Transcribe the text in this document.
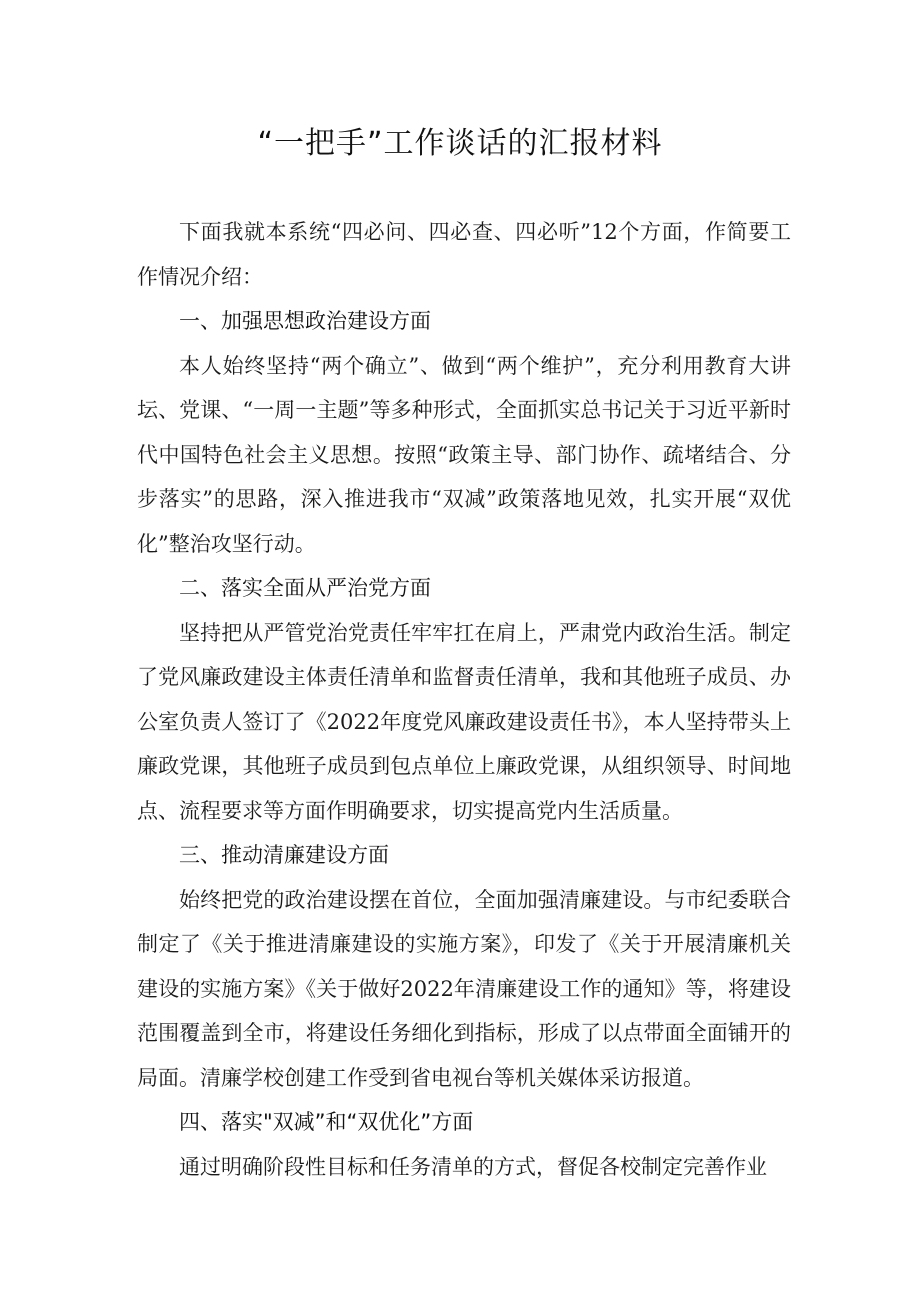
“一把手”工作谈话的汇报材料

下面我就本系统“四必问、四必查、四必听”12个方面，作简要工作情况介绍：

一、加强思想政治建设方面

本人始终坚持“两个确立”、做到“两个维护”，充分利用教育大讲坛、党课、“一周一主题”等多种形式，全面抓实总书记关于习近平新时代中国特色社会主义思想。按照“政策主导、部门协作、疏堵结合、分步落实”的思路，深入推进我市“双减”政策落地见效，扎实开展“双优化”整治攻坚行动。

二、落实全面从严治党方面

坚持把从严管党治党责任牢牢扛在肩上，严肃党内政治生活。制定了党风廉政建设主体责任清单和监督责任清单，我和其他班子成员、办公室负责人签订了《2022年度党风廉政建设责任书》，本人坚持带头上廉政党课，其他班子成员到包点单位上廉政党课，从组织领导、时间地点、流程要求等方面作明确要求，切实提高党内生活质量。

三、推动清廉建设方面

始终把党的政治建设摆在首位，全面加强清廉建设。与市纪委联合制定了《关于推进清廉建设的实施方案》，印发了《关于开展清廉机关建设的实施方案》《关于做好2022年清廉建设工作的通知》等，将建设范围覆盖到全市，将建设任务细化到指标，形成了以点带面全面铺开的局面。清廉学校创建工作受到省电视台等机关媒体采访报道。

四、落实"双减”和“双优化”方面

通过明确阶段性目标和任务清单的方式，督促各校制定完善作业
